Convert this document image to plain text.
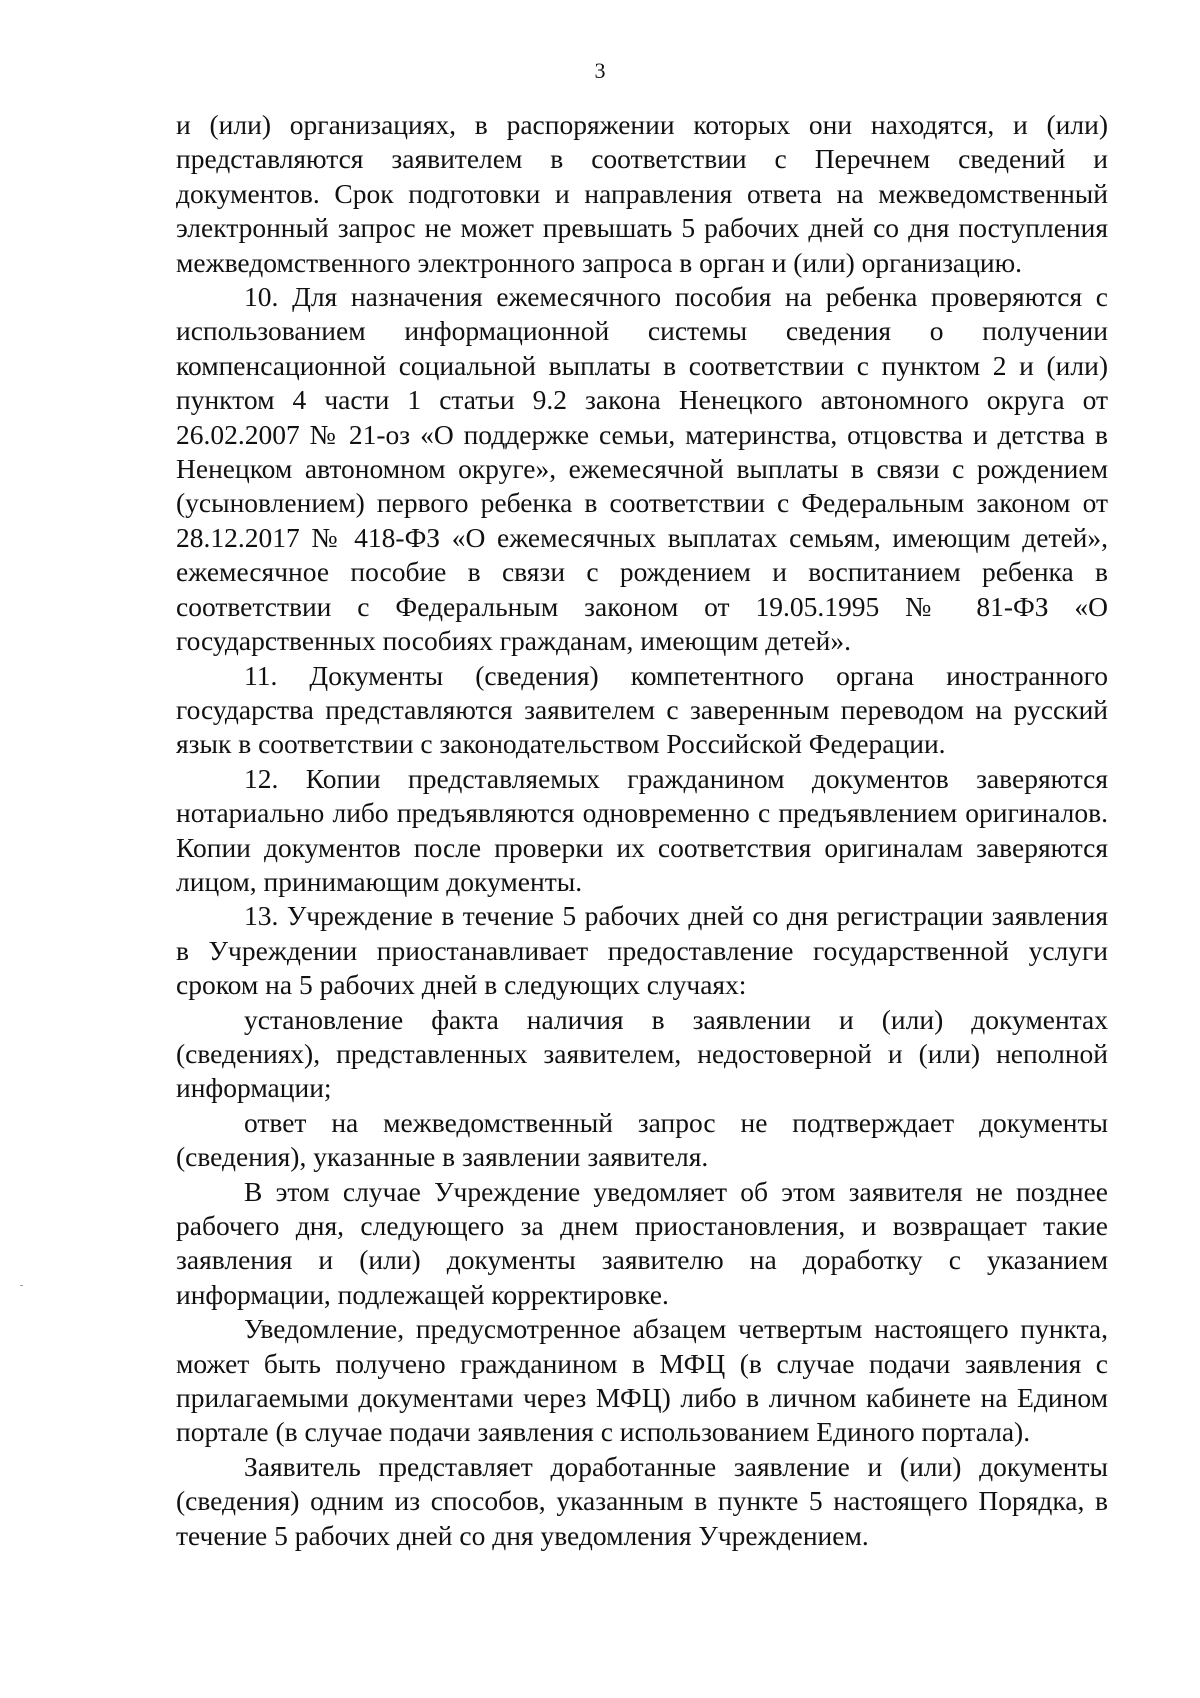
3

и (или) организациях, в распоряжении которых они находятся, и (или) представляются заявителем в соответствии с Перечнем сведений и документов. Срок подготовки и направления ответа на межведомственный электронный запрос не может превышать 5 рабочих дней со дня поступления межведомственного электронного запроса в орган и (или) организацию.

10. Для назначения ежемесячного пособия на ребенка проверяются с использованием информационной системы сведения о получении компенсационной социальной выплаты в соответствии с пунктом 2 и (или) пунктом 4 части 1 статьи 9.2 закона Ненецкого автономного округа от 26.02.2007 № 21-оз «О поддержке семьи, материнства, отцовства и детства в Ненецком автономном округе», ежемесячной выплаты в связи с рождением (усыновлением) первого ребенка в соответствии с Федеральным законом от 28.12.2017 № 418-ФЗ «О ежемесячных выплатах семьям, имеющим детей», ежемесячное пособие в связи с рождением и воспитанием ребенка в соответствии с Федеральным законом от 19.05.1995 № 81-ФЗ «О государственных пособиях гражданам, имеющим детей».

11. Документы (сведения) компетентного органа иностранного государства представляются заявителем с заверенным переводом на русский язык в соответствии с законодательством Российской Федерации.

12. Копии представляемых гражданином документов заверяются нотариально либо предъявляются одновременно с предъявлением оригиналов. Копии документов после проверки их соответствия оригиналам заверяются лицом, принимающим документы.

13. Учреждение в течение 5 рабочих дней со дня регистрации заявления в Учреждении приостанавливает предоставление государственной услуги сроком на 5 рабочих дней в следующих случаях:

установление факта наличия в заявлении и (или) документах (сведениях), представленных заявителем, недостоверной и (или) неполной информации;

ответ на межведомственный запрос не подтверждает документы (сведения), указанные в заявлении заявителя.

В этом случае Учреждение уведомляет об этом заявителя не позднее рабочего дня, следующего за днем приостановления, и возвращает такие заявления и (или) документы заявителю на доработку с указанием информации, подлежащей корректировке.

Уведомление, предусмотренное абзацем четвертым настоящего пункта, может быть получено гражданином в МФЦ (в случае подачи заявления с прилагаемыми документами через МФЦ) либо в личном кабинете на Едином портале (в случае подачи заявления с использованием Единого портала).

Заявитель представляет доработанные заявление и (или) документы (сведения) одним из способов, указанным в пункте 5 настоящего Порядка, в течение 5 рабочих дней со дня уведомления Учреждением.
